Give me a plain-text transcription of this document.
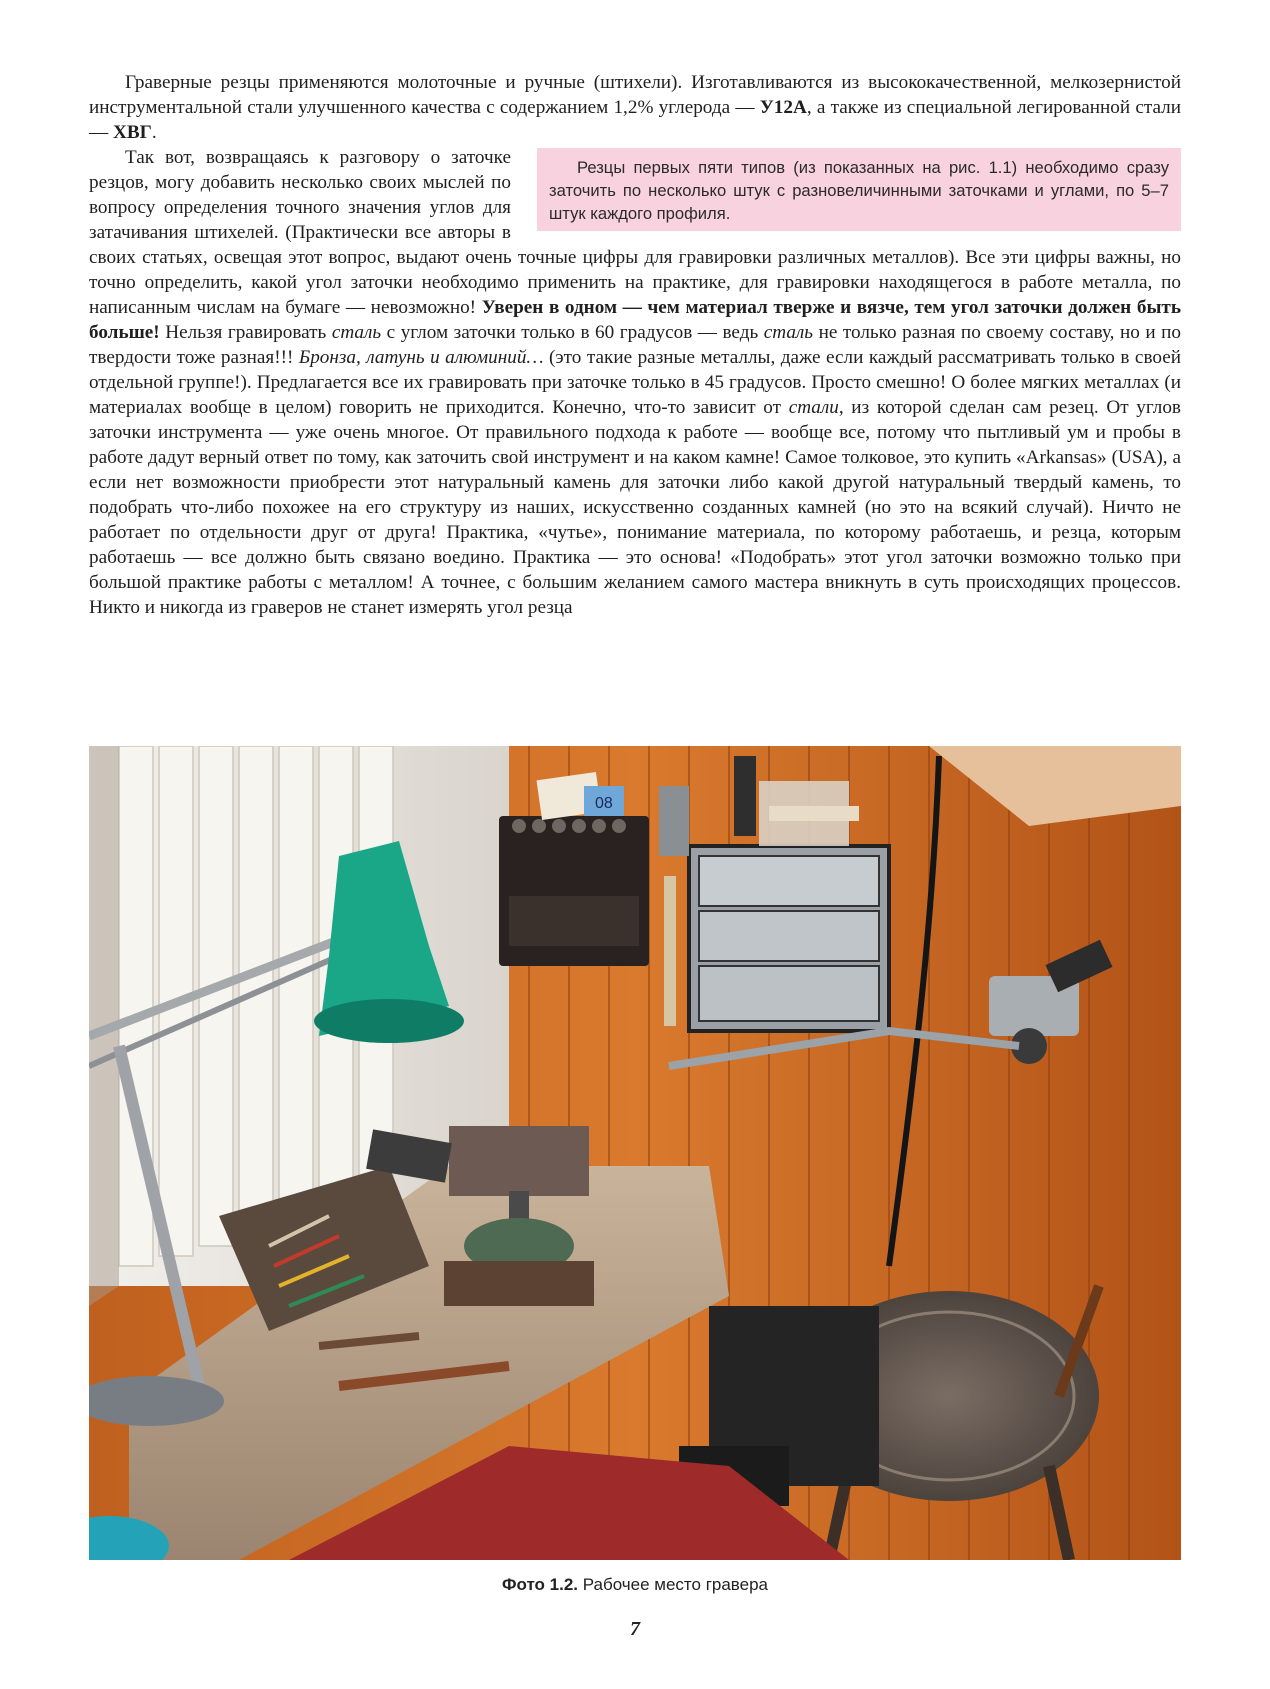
Граверные резцы применяются молоточные и ручные (штихели). Изготавливаются из высококачественной, мелкозернистой инструментальной стали улучшенного качества с содержанием 1,2% углерода — У12А, а также из специальной легированной стали — ХВГ.

Резцы первых пяти типов (из показанных на рис. 1.1) необходимо сразу заточить по несколько штук с разновеличинными заточками и углами, по 5–7 штук каждого профиля.

Так вот, возвращаясь к разговору о заточке резцов, могу добавить несколько своих мыслей по вопросу определения точного значения углов для затачивания штихелей. (Практически все авторы в своих статьях, освещая этот вопрос, выдают очень точные цифры для гравировки различных металлов). Все эти цифры важны, но точно определить, какой угол заточки необходимо применить на практике, для гравировки находящегося в работе металла, по написанным числам на бумаге — невозможно! Уверен в одном — чем материал тверже и вязче, тем угол заточки должен быть больше! Нельзя гравировать сталь с углом заточки только в 60 градусов — ведь сталь не только разная по своему составу, но и по твердости тоже разная!!! Бронза, латунь и алюминий… (это такие разные металлы, даже если каждый рассматривать только в своей отдельной группе!). Предлагается все их гравировать при заточке только в 45 градусов. Просто смешно! О более мягких металлах (и материалах вообще в целом) говорить не приходится. Конечно, что-то зависит от стали, из которой сделан сам резец. От углов заточки инструмента — уже очень многое. От правильного подхода к работе — вообще все, потому что пытливый ум и пробы в работе дадут верный ответ по тому, как заточить свой инструмент и на каком камне! Самое толковое, это купить «Arkansas» (USA), а если нет возможности приобрести этот натуральный камень для заточки либо какой другой натуральный твердый камень, то подобрать что-либо похожее на его структуру из наших, искусственно созданных камней (но это на всякий случай). Ничто не работает по отдельности друг от друга! Практика, «чутье», понимание материала, по которому работаешь, и резца, которым работаешь — все должно быть связано воедино. Практика — это основа! «Подобрать» этот угол заточки возможно только при большой практике работы с металлом! А точнее, с большим желанием самого мастера вникнуть в суть происходящих процессов. Никто и никогда из граверов не станет измерять угол резца

08
Фото 1.2. Рабочее место гравера
7
